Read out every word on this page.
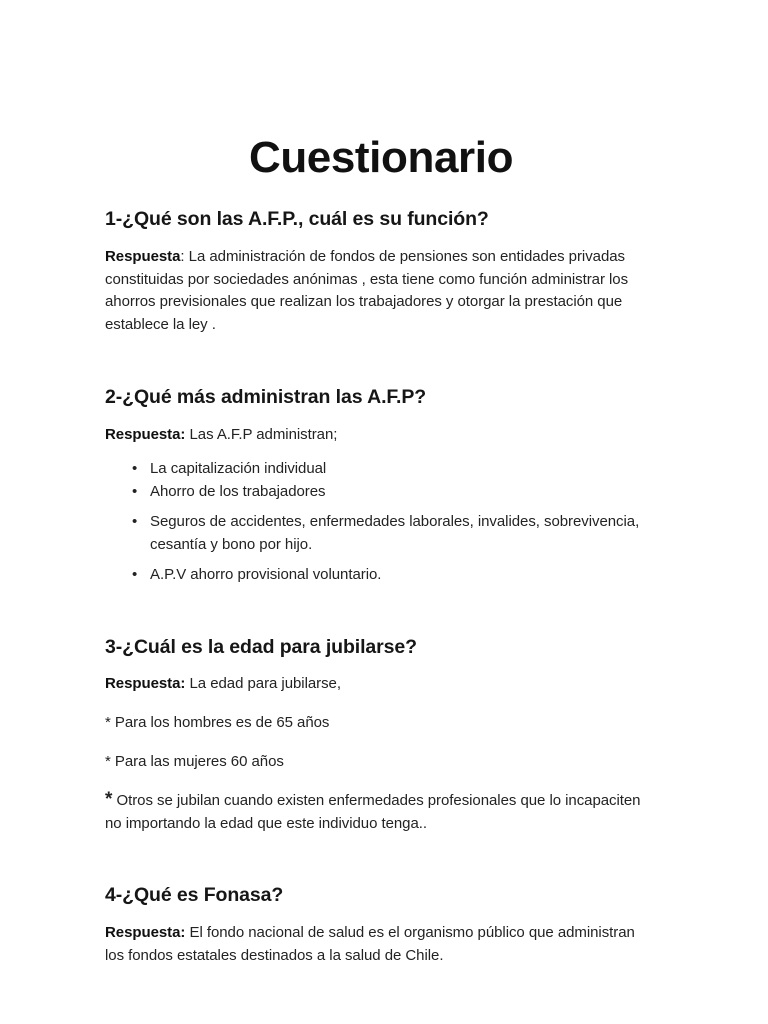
Cuestionario
1-¿Qué son las A.F.P., cuál es su función?

Respuesta: La administración de fondos de pensiones son entidades privadas constituidas por sociedades anónimas , esta tiene como función administrar los ahorros previsionales que realizan los trabajadores y otorgar la prestación que establece la ley .

2-¿Qué más administran las A.F.P?

Respuesta: Las A.F.P administran;

• La capitalización individual
• Ahorro de los trabajadores
• Seguros de accidentes, enfermedades laborales, invalides, sobrevivencia, cesantía y bono por hijo.
• A.P.V ahorro provisional voluntario.
3-¿Cuál es la edad para jubilarse?

Respuesta: La edad para jubilarse,

* Para los hombres es de 65 años

* Para las mujeres 60 años

* Otros se jubilan cuando existen enfermedades profesionales que lo incapaciten no importando la edad que este individuo tenga..

4-¿Qué es Fonasa?

Respuesta: El fondo nacional de salud es el organismo público que administran los fondos estatales destinados a la salud de Chile.
